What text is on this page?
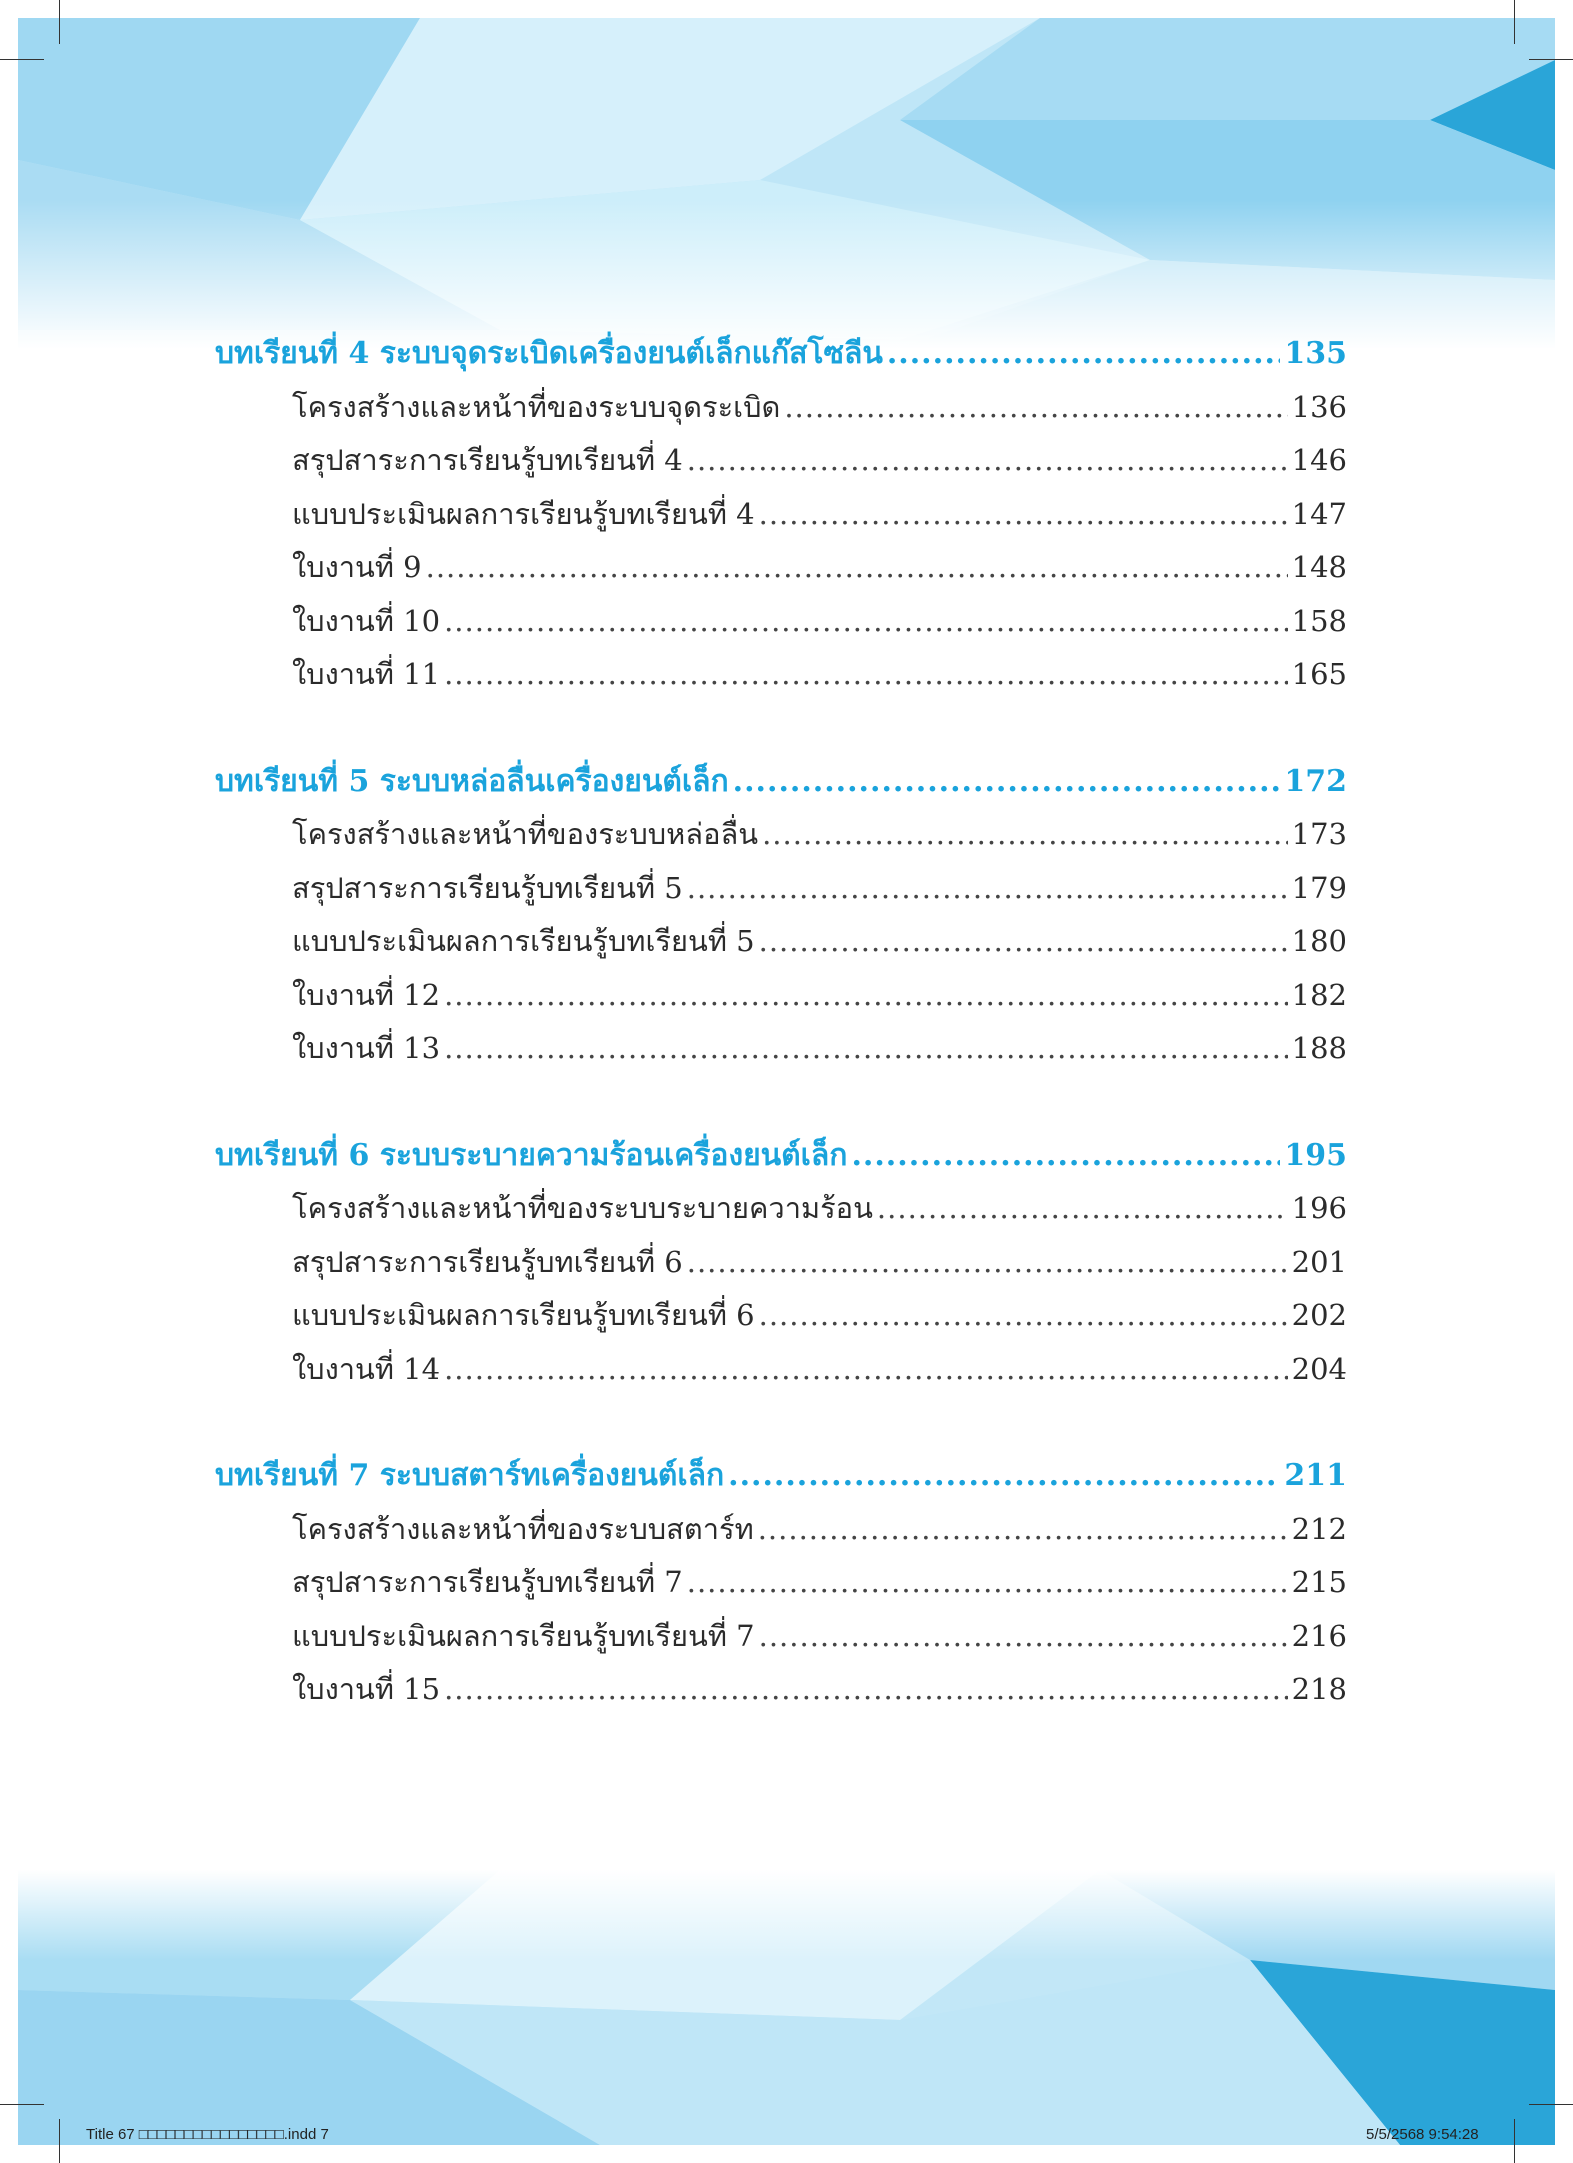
บทเรียนที่ 4 ระบบจุดระเบิดเครื่องยนต์เล็กแก๊สโซลีน .....	135
โครงสร้างและหน้าที่ของระบบจุดระเบิด .....	136
สรุปสาระการเรียนรู้บทเรียนที่ 4 .....	146
แบบประเมินผลการเรียนรู้บทเรียนที่ 4 .....	147
ใบงานที่ 9 .....	148
ใบงานที่ 10 .....	158
ใบงานที่ 11 .....	165
บทเรียนที่ 5 ระบบหล่อลื่นเครื่องยนต์เล็ก .....	172
โครงสร้างและหน้าที่ของระบบหล่อลื่น .....	173
สรุปสาระการเรียนรู้บทเรียนที่ 5 .....	179
แบบประเมินผลการเรียนรู้บทเรียนที่ 5 .....	180
ใบงานที่ 12 .....	182
ใบงานที่ 13 .....	188
บทเรียนที่ 6 ระบบระบายความร้อนเครื่องยนต์เล็ก .....	195
โครงสร้างและหน้าที่ของระบบระบายความร้อน .....	196
สรุปสาระการเรียนรู้บทเรียนที่ 6 .....	201
แบบประเมินผลการเรียนรู้บทเรียนที่ 6 .....	202
ใบงานที่ 14 .....	204
บทเรียนที่ 7 ระบบสตาร์ทเครื่องยนต์เล็ก .....	211
โครงสร้างและหน้าที่ของระบบสตาร์ท .....	212
สรุปสาระการเรียนรู้บทเรียนที่ 7 .....	215
แบบประเมินผลการเรียนรู้บทเรียนที่ 7 .....	216
ใบงานที่ 15 .....	218
Title 67 □□□□□□□□□□□□□□□□.indd 7	5/5/2568 9:54:28
